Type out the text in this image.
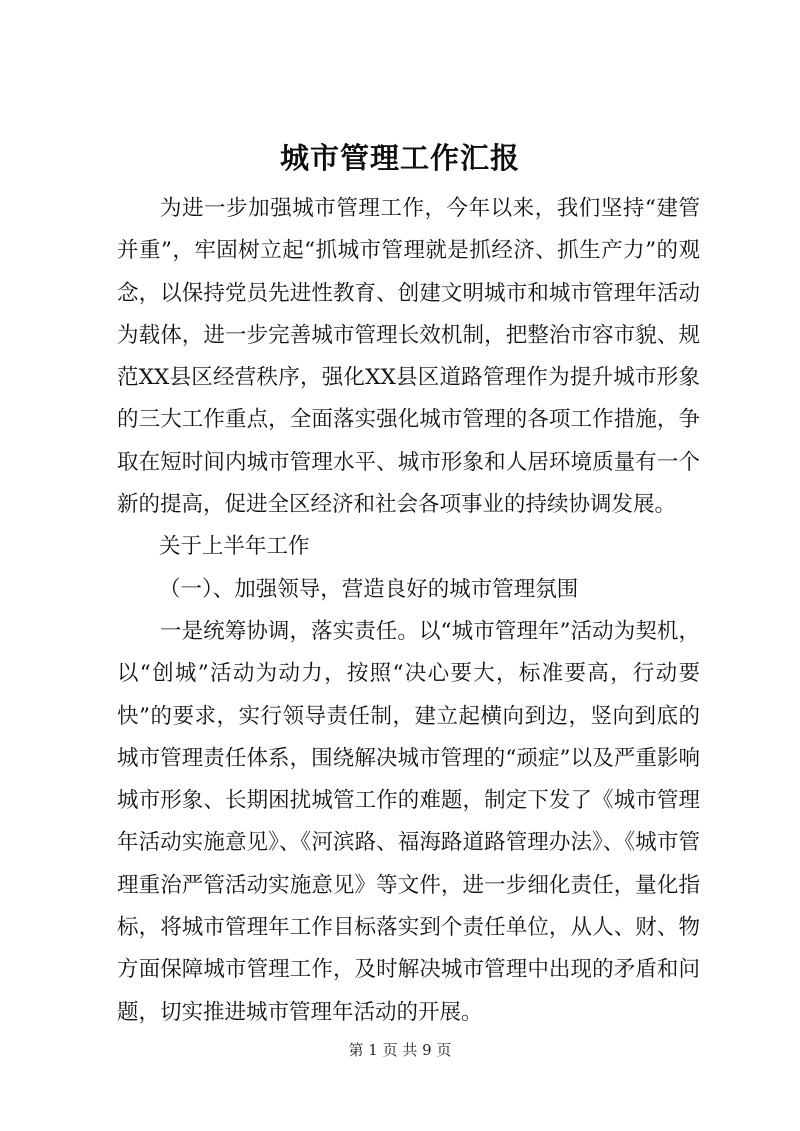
城市管理工作汇报

为进一步加强城市管理工作，今年以来，我们坚持“建管并重”，牢固树立起“抓城市管理就是抓经济、抓生产力”的观念，以保持党员先进性教育、创建文明城市和城市管理年活动为载体，进一步完善城市管理长效机制，把整治市容市貌、规范XX县区经营秩序，强化XX县区道路管理作为提升城市形象的三大工作重点，全面落实强化城市管理的各项工作措施，争取在短时间内城市管理水平、城市形象和人居环境质量有一个新的提高，促进全区经济和社会各项事业的持续协调发展。

关于上半年工作

（一）、加强领导，营造良好的城市管理氛围

一是统筹协调，落实责任。以“城市管理年”活动为契机，以“创城”活动为动力，按照“决心要大，标准要高，行动要快”的要求，实行领导责任制，建立起横向到边，竖向到底的城市管理责任体系，围绕解决城市管理的“顽症”以及严重影响城市形象、长期困扰城管工作的难题，制定下发了《城市管理年活动实施意见》、《河滨路、福海路道路管理办法》、《城市管理重治严管活动实施意见》等文件，进一步细化责任，量化指标，将城市管理年工作目标落实到个责任单位，从人、财、物方面保障城市管理工作，及时解决城市管理中出现的矛盾和问题，切实推进城市管理年活动的开展。

第 1 页 共 9 页
